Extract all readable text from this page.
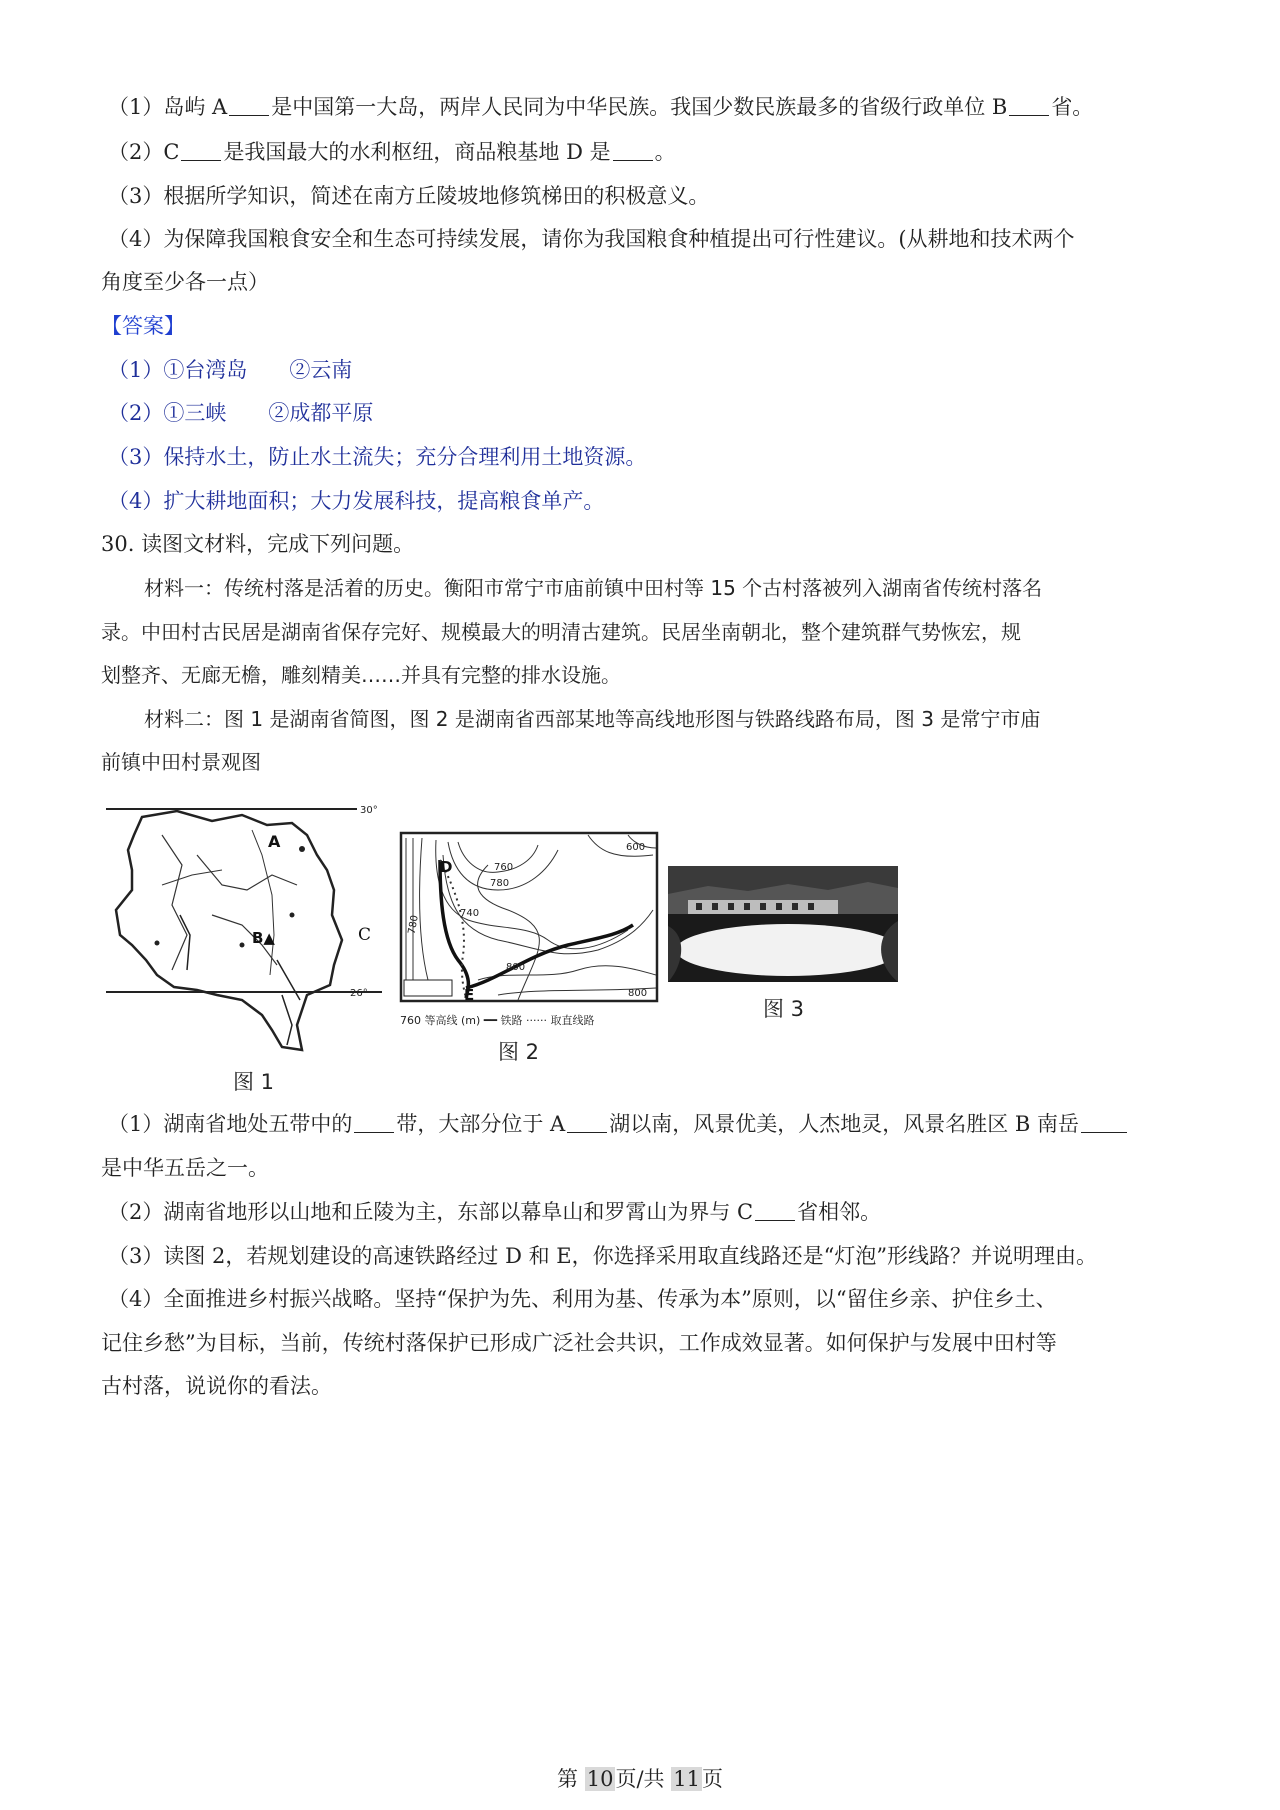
（1）岛屿 A 是中国第一大岛，两岸人民同为中华民族。我国少数民族最多的省级行政单位 B 省。
（2）C 是我国最大的水利枢纽，商品粮基地 D 是 。
（3）根据所学知识，简述在南方丘陵坡地修筑梯田的积极意义。
（4）为保障我国粮食安全和生态可持续发展，请你为我国粮食种植提出可行性建议。(从耕地和技术两个
角度至少各一点）
【答案】
（1）①台湾岛　　②云南
（2）①三峡　　②成都平原
（3）保持水土，防止水土流失；充分合理利用土地资源。
（4）扩大耕地面积；大力发展科技，提高粮食单产。
30. 读图文材料，完成下列问题。
材料一：传统村落是活着的历史。衡阳市常宁市庙前镇中田村等 15 个古村落被列入湖南省传统村落名
录。中田村古民居是湖南省保存完好、规模最大的明清古建筑。民居坐南朝北，整个建筑群气势恢宏，规
划整齐、无廊无檐，雕刻精美……并具有完整的排水设施。
材料二：图 1 是湖南省简图，图 2 是湖南省西部某地等高线地形图与铁路线路布局，图 3 是常宁市庙
前镇中田村景观图
30°
26°
A
B▲	C
图 1
D
E
600
780
760
740
780
800
800
760 等高线 (m) ━━ 铁路 ······ 取直线路
图 2
图 3
（1）湖南省地处五带中的 带，大部分位于 A 湖以南，风景优美，人杰地灵，风景名胜区 B 南岳
是中华五岳之一。
（2）湖南省地形以山地和丘陵为主，东部以幕阜山和罗霄山为界与 C 省相邻。
（3）读图 2，若规划建设的高速铁路经过 D 和 E，你选择采用取直线路还是“灯泡”形线路？并说明理由。
（4）全面推进乡村振兴战略。坚持“保护为先、利用为基、传承为本”原则，以“留住乡亲、护住乡土、
记住乡愁”为目标，当前，传统村落保护已形成广泛社会共识，工作成效显著。如何保护与发展中田村等
古村落，说说你的看法。
第 10页/共 11页
